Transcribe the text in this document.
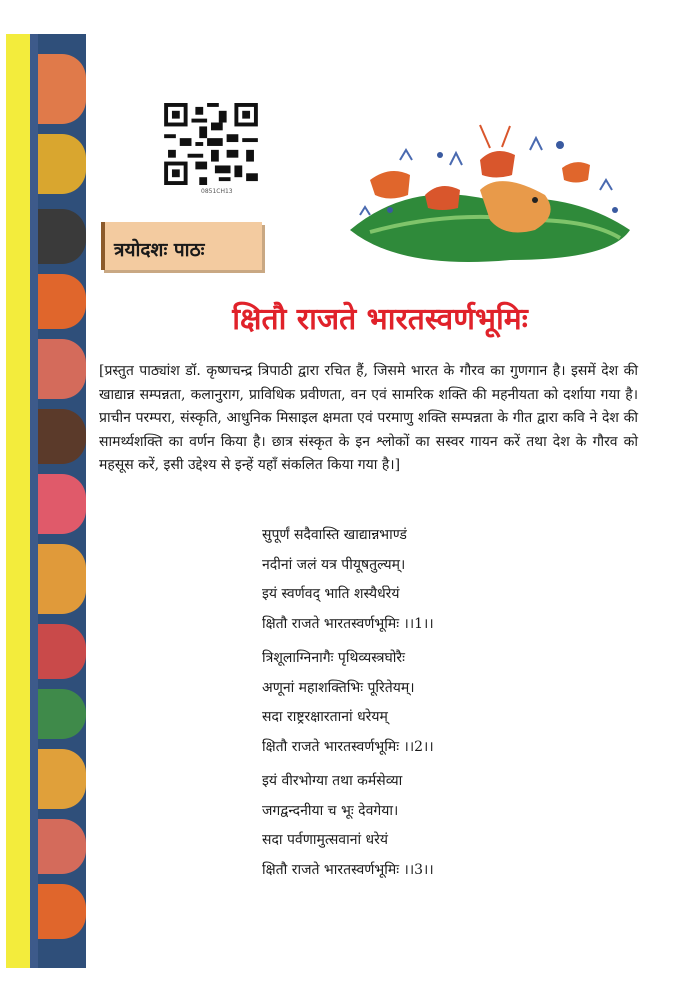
0851CH13
त्रयोदशः पाठः
क्षितौ राजते भारतस्वर्णभूमिः
[प्रस्तुत पाठ्यांश डॉ. कृष्णचन्द्र त्रिपाठी द्वारा रचित हैं, जिसमे भारत के गौरव का गुणगान है। इसमें देश की खाद्यान्न सम्पन्नता, कलानुराग, प्राविधिक प्रवीणता, वन एवं सामरिक शक्ति की महनीयता को दर्शाया गया है। प्राचीन परम्परा, संस्कृति, आधुनिक मिसाइल क्षमता एवं परमाणु शक्ति सम्पन्नता के गीत द्वारा कवि ने देश की सामर्थ्यशक्ति का वर्णन किया है। छात्र संस्कृत के इन श्लोकों का सस्वर गायन करें तथा देश के गौरव को महसूस करें, इसी उद्देश्य से इन्हें यहाँ संकलित किया गया है।]
सुपूर्णं सदैवास्ति खाद्यान्नभाण्डं
नदीनां जलं यत्र पीयूषतुल्यम्।
इयं स्वर्णवद् भाति शस्यैर्धरेयं
क्षितौ राजते भारतस्वर्णभूमिः ।।1।।
त्रिशूलाग्निनागैः पृथिव्यस्त्रघोरैः
अणूनां महाशक्तिभिः पूरितेयम्।
सदा राष्ट्ररक्षारतानां धरेयम्
क्षितौ राजते भारतस्वर्णभूमिः ।।2।।
इयं वीरभोग्या तथा कर्मसेव्या
जगद्वन्दनीया च भूः देवगेया।
सदा पर्वणामुत्सवानां धरेयं
क्षितौ राजते भारतस्वर्णभूमिः ।।3।।
